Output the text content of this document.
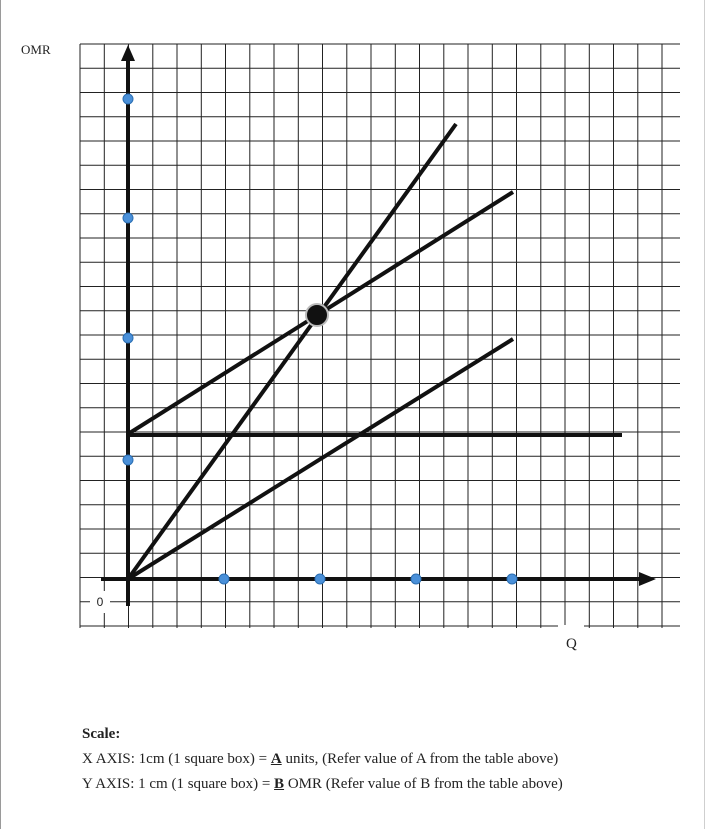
OMR
Q
0
Scale:
X AXIS: 1cm (1 square box) = A units, (Refer value of A from the table above)
Y AXIS: 1 cm (1 square box) = B OMR (Refer value of B from the table above)
